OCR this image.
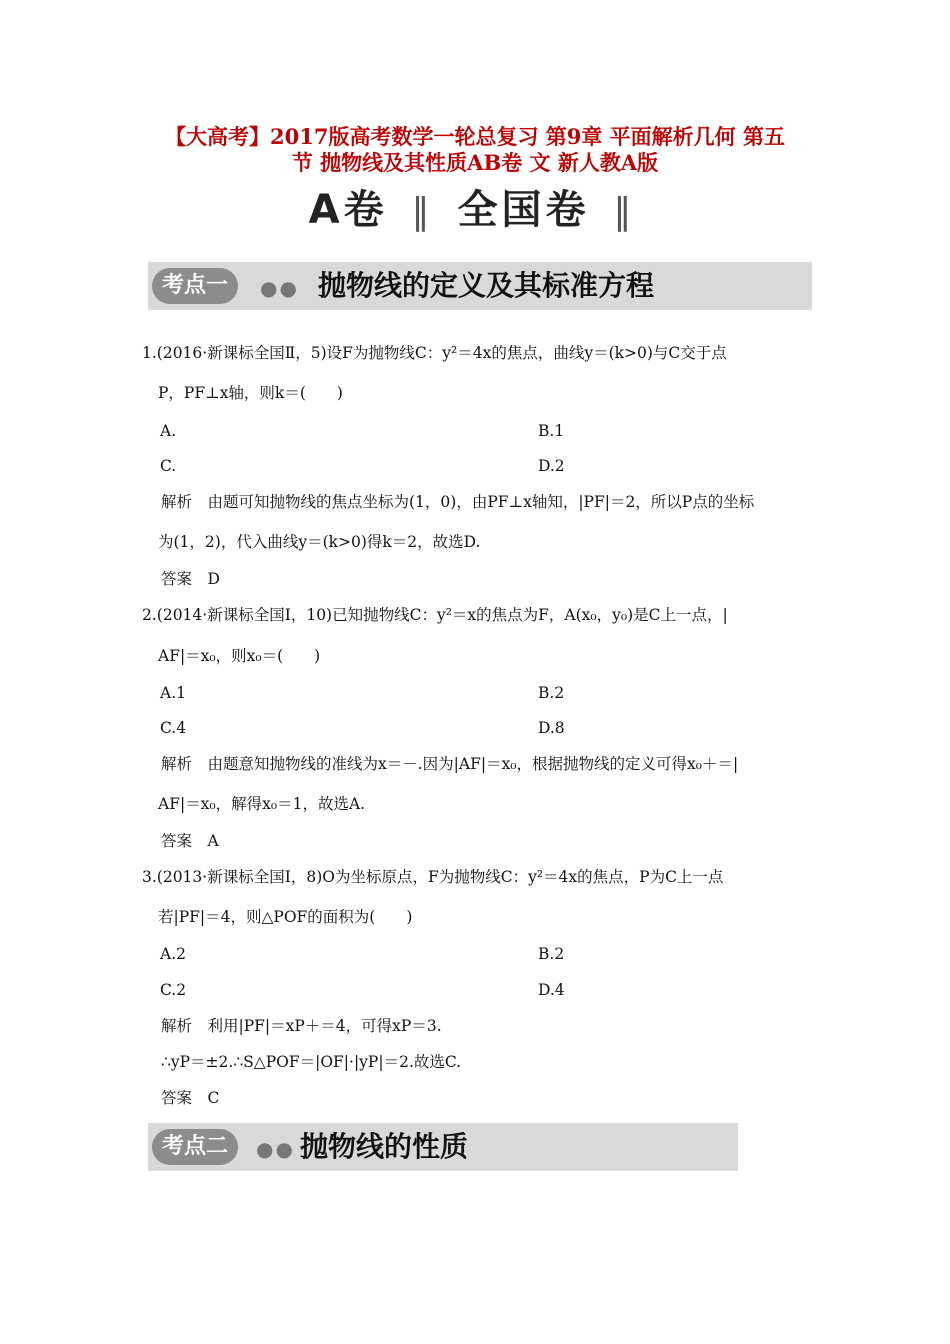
【大高考】2017版高考数学一轮总复习 第9章 平面解析几何 第五
节 抛物线及其性质AB卷 文 新人教A版
A卷 ‖ 全国卷 ‖
考点一	●● 抛物线的定义及其标准方程
1.(2016·新课标全国Ⅱ，5)设F为抛物线C：y²＝4x的焦点，曲线y＝(k>0)与C交于点
P，PF⊥x轴，则k＝(　　)
A.	B.1
C.	D.2
解析　由题可知抛物线的焦点坐标为(1，0)，由PF⊥x轴知，|PF|＝2，所以P点的坐标
为(1，2)，代入曲线y＝(k>0)得k＝2，故选D.
答案　D
2.(2014·新课标全国Ⅰ，10)已知抛物线C：y²＝x的焦点为F，A(x₀，y₀)是C上一点，|
AF|＝x₀，则x₀＝(　　)
A.1	B.2
C.4	D.8
解析　由题意知抛物线的准线为x＝－.因为|AF|＝x₀，根据抛物线的定义可得x₀＋＝|
AF|＝x₀，解得x₀＝1，故选A.
答案　A
3.(2013·新课标全国Ⅰ，8)O为坐标原点，F为抛物线C：y²＝4x的焦点，P为C上一点
若|PF|＝4，则△POF的面积为(　　)
A.2	B.2
C.2	D.4
解析　利用|PF|＝xP＋＝4，可得xP＝3.
∴yP＝±2.∴S△POF＝|OF|·|yP|＝2.故选C.
答案　C
考点二	●● 抛物线的性质
